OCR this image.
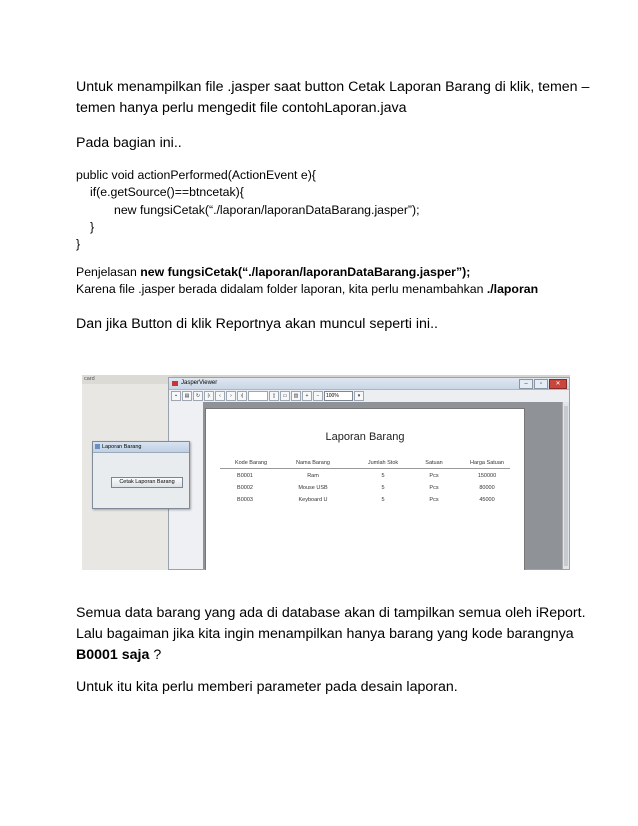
Untuk menampilkan file .jasper saat button Cetak Laporan Barang di klik, temen –

temen hanya perlu mengedit file contohLaporan.java

Pada bagian ini..

public void actionPerformed(ActionEvent e){
if(e.getSource()==btncetak){
new fungsiCetak(“./laporan/laporanDataBarang.jasper”);
}
}

Penjelasan new fungsiCetak(“./laporan/laporanDataBarang.jasper”);

Karena file .jasper berada didalam folder laporan, kita perlu menambahkan ./laporan

Dan jika Button di klik Reportnya akan muncul seperti ini..

card
JasperViewer	–	▫	✕
▪	▤	↻	|‹	‹	›	›|	▯	▭	▥	+	−	100%	▾
Laporan Barang
Kode Barang	Nama Barang	Jumlah Stok	Satuan	Harga Satuan
B0001	Ram	5	Pcs	150000
B0002	Mouse USB	5	Pcs	80000
B0003	Keyboard U	5	Pcs	45000
Laporan Barang
Cetak Laporan Barang

Semua data barang yang ada di database akan di tampilkan semua oleh iReport.

Lalu bagaiman jika kita ingin menampilkan hanya barang yang kode barangnya

B0001 saja ?

Untuk itu kita perlu memberi parameter pada desain laporan.
